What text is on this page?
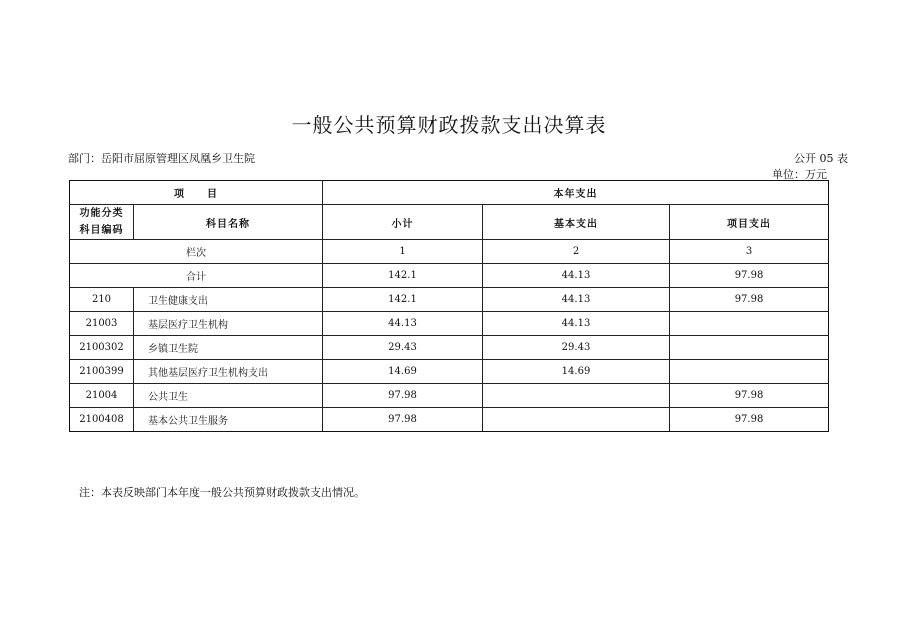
一般公共预算财政拨款支出决算表
部门：岳阳市屈原管理区凤凰乡卫生院	公开 05 表
单位：万元
项　　目		本年支出		

功能分类
科目编码	科目名称	小计	基本支出	项目支出
栏次		1	2	3
合计		142.1	44.13	97.98
210	卫生健康支出	142.1	44.13	97.98
21003	基层医疗卫生机构	44.13	44.13	
2100302	乡镇卫生院	29.43	29.43	
2100399	其他基层医疗卫生机构支出	14.69	14.69	
21004	公共卫生	97.98		97.98
2100408	基本公共卫生服务	97.98		97.98
注：本表反映部门本年度一般公共预算财政拨款支出情况。
